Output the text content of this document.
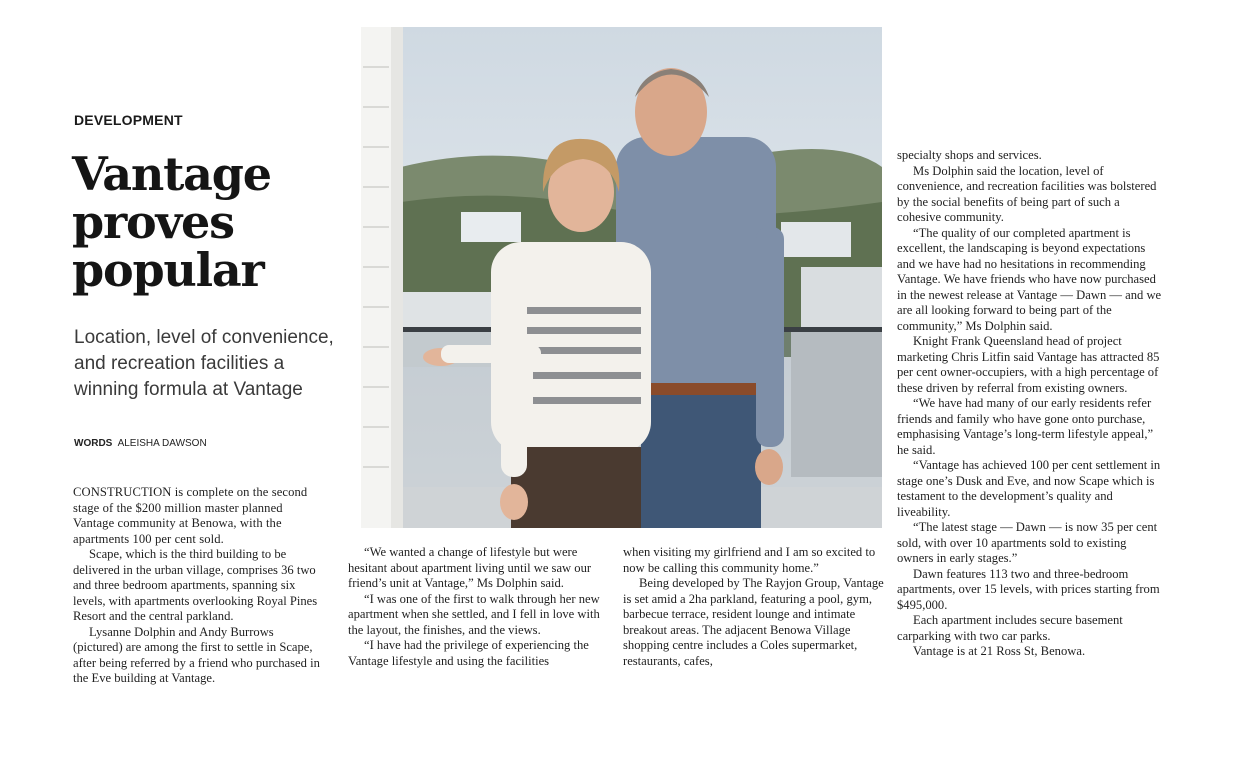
DEVELOPMENT
Vantage
proves
popular
Location, level of convenience, and recreation facilities a winning formula at Vantage
WORDS ALEISHA DAWSON

CONSTRUCTION is complete on the second stage of the $200 million master planned Vantage community at Benowa, with the apartments 100 per cent sold.

Scape, which is the third building to be delivered in the urban village, comprises 36 two and three bedroom apartments, spanning six levels, with apartments overlooking Royal Pines Resort and the central parkland.

Lysanne Dolphin and Andy Burrows (pictured) are among the first to settle in Scape, after being referred by a friend who purchased in the Eve building at Vantage.

“We wanted a change of lifestyle but were hesitant about apartment living until we saw our friend’s unit at Vantage,” Ms Dolphin said.

“I was one of the first to walk through her new apartment when she settled, and I fell in love with the layout, the finishes, and the views.

“I have had the privilege of experiencing the Vantage lifestyle and using the facilities

when visiting my girlfriend and I am so excited to now be calling this community home.”

Being developed by The Rayjon Group, Vantage is set amid a 2ha parkland, featuring a pool, gym, barbecue terrace, resident lounge and intimate breakout areas. The adjacent Benowa Village shopping centre includes a Coles supermarket, restaurants, cafes,

specialty shops and services.

Ms Dolphin said the location, level of convenience, and recreation facilities was bolstered by the social benefits of being part of such a cohesive community.

“The quality of our completed apartment is excellent, the landscaping is beyond expectations and we have had no hesitations in recommending Vantage. We have friends who have now purchased in the newest release at Vantage — Dawn — and we are all looking forward to being part of the community,” Ms Dolphin said.

Knight Frank Queensland head of project marketing Chris Litfin said Vantage has attracted 85 per cent owner-occupiers, with a high percentage of these driven by referral from existing owners.

“We have had many of our early residents refer friends and family who have gone onto purchase, emphasising Vantage’s long-term lifestyle appeal,” he said.

“Vantage has achieved 100 per cent settlement in stage one’s Dusk and Eve, and now Scape which is testament to the development’s quality and liveability.

“The latest stage — Dawn — is now 35 per cent sold, with over 10 apartments sold to existing owners in early stages.”

Dawn features 113 two and three-bedroom apartments, over 15 levels, with prices starting from $495,000.

Each apartment includes secure basement carparking with two car parks.

Vantage is at 21 Ross St, Benowa.
